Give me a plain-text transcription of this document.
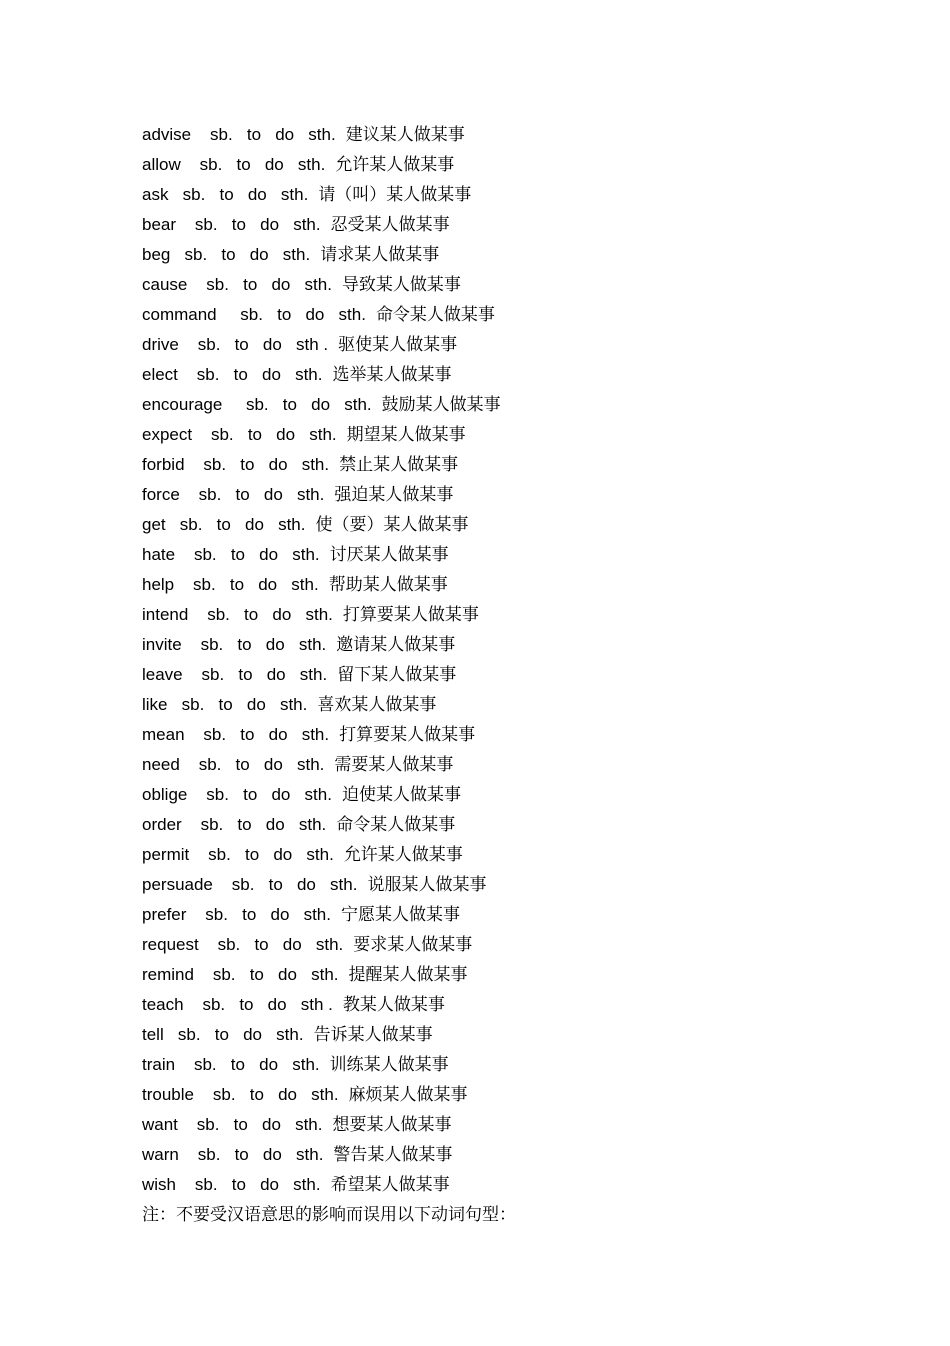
advise    sb.   to   do   sth. 建议某人做某事
allow    sb.   to   do   sth. 允许某人做某事
ask   sb.   to   do   sth. 请（叫）某人做某事
bear    sb.   to   do   sth. 忍受某人做某事
beg   sb.   to   do   sth. 请求某人做某事
cause    sb.   to   do   sth. 导致某人做某事
command     sb.   to   do   sth. 命令某人做某事
drive    sb.   to   do   sth . 驱使某人做某事
elect    sb.   to   do   sth. 选举某人做某事
encourage     sb.   to   do   sth. 鼓励某人做某事
expect    sb.   to   do   sth. 期望某人做某事
forbid    sb.   to   do   sth. 禁止某人做某事
force    sb.   to   do   sth. 强迫某人做某事
get   sb.   to   do   sth. 使（要）某人做某事
hate    sb.   to   do   sth. 讨厌某人做某事
help    sb.   to   do   sth. 帮助某人做某事
intend    sb.   to   do   sth. 打算要某人做某事
invite    sb.   to   do   sth. 邀请某人做某事
leave    sb.   to   do   sth. 留下某人做某事
like   sb.   to   do   sth. 喜欢某人做某事
mean    sb.   to   do   sth. 打算要某人做某事
need    sb.   to   do   sth. 需要某人做某事
oblige    sb.   to   do   sth. 迫使某人做某事
order    sb.   to   do   sth. 命令某人做某事
permit    sb.   to   do   sth. 允许某人做某事
persuade    sb.   to   do   sth. 说服某人做某事
prefer    sb.   to   do   sth. 宁愿某人做某事
request    sb.   to   do   sth. 要求某人做某事
remind    sb.   to   do   sth. 提醒某人做某事
teach    sb.   to   do   sth . 教某人做某事
tell   sb.   to   do   sth. 告诉某人做某事
train    sb.   to   do   sth. 训练某人做某事
trouble    sb.   to   do   sth. 麻烦某人做某事
want    sb.   to   do   sth. 想要某人做某事
warn    sb.   to   do   sth. 警告某人做某事
wish    sb.   to   do   sth. 希望某人做某事
注：不要受汉语意思的影响而误用以下动词句型：
